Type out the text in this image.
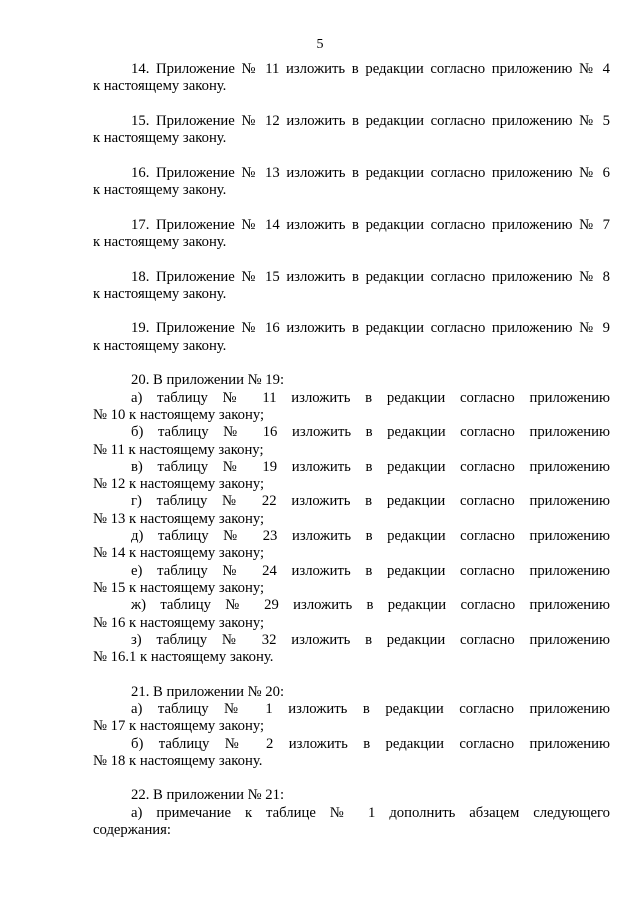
5
14. Приложение № 11 изложить в редакции согласно приложению № 4
к настоящему закону.
15. Приложение № 12 изложить в редакции согласно приложению № 5
к настоящему закону.
16. Приложение № 13 изложить в редакции согласно приложению № 6
к настоящему закону.
17. Приложение № 14 изложить в редакции согласно приложению № 7
к настоящему закону.
18. Приложение № 15 изложить в редакции согласно приложению № 8
к настоящему закону.
19. Приложение № 16 изложить в редакции согласно приложению № 9
к настоящему закону.
20. В приложении № 19:
а) таблицу № 11 изложить в редакции согласно приложению
№ 10 к настоящему закону;
б) таблицу № 16 изложить в редакции согласно приложению
№ 11 к настоящему закону;
в) таблицу № 19 изложить в редакции согласно приложению
№ 12 к настоящему закону;
г) таблицу № 22 изложить в редакции согласно приложению
№ 13 к настоящему закону;
д) таблицу № 23 изложить в редакции согласно приложению
№ 14 к настоящему закону;
е) таблицу № 24 изложить в редакции согласно приложению
№ 15 к настоящему закону;
ж) таблицу № 29 изложить в редакции согласно приложению
№ 16 к настоящему закону;
з) таблицу № 32 изложить в редакции согласно приложению
№ 16.1 к настоящему закону.
21. В приложении № 20:
а) таблицу № 1 изложить в редакции согласно приложению
№ 17 к настоящему закону;
б) таблицу № 2 изложить в редакции согласно приложению
№ 18 к настоящему закону.
22. В приложении № 21:
а) примечание к таблице № 1 дополнить абзацем следующего
содержания:
